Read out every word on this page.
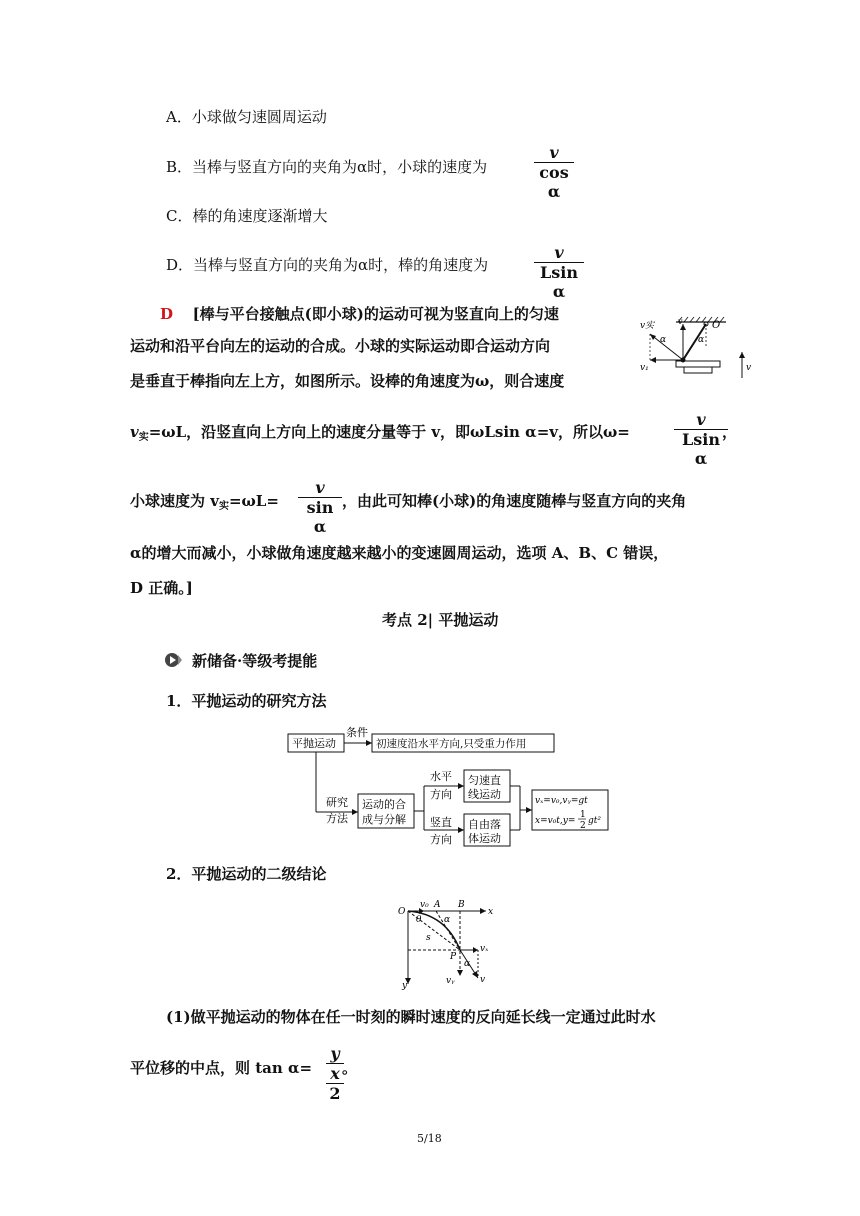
A．小球做匀速圆周运动
B．当棒与竖直方向的夹角为α时，小球的速度为	$\frac{v}{\text{cos α}}$
C．棒的角速度逐渐增大
D．当棒与竖直方向的夹角为α时，棒的角速度为	$\frac{v}{\text{Lsin α}}$
D [棒与平台接触点(即小球)的运动可视为竖直向上的匀速
运动和沿平台向左的运动的合成。小球的实际运动即合运动方向
是垂直于棒指向左上方，如图所示。设棒的角速度为ω，则合速度
v实	v
α	α
O
v₁	v
$v_实=\omega L$，沿竖直向上方向上的速度分量等于 v，即ωLsin α=v，所以ω=	$\frac{v}{\text{Lsin α}}$
，
小球速度为 $v_实=\omega L= \frac{v}{\text{sin α}}$ ，由此可知棒(小球)的角速度随棒与竖直方向的夹角
α的增大而减小，小球做角速度越来越小的变速圆周运动，选项 A、B、C 错误，
D 正确。]
考点 2| 平抛运动
新储备·等级考提能
1．平抛运动的研究方法
平抛运动
条件
初速度沿水平方向,只受重力作用
研究
方法
运动的合
成与分解
水平
方向
竖直
方向
匀速直
线运动
自由落
体运动
vₓ=v₀,vᵧ=gt
x=v₀t,y=
1
2 gt²
2．平抛运动的二级结论
O
v₀ A B
x
y
θ	α
α
s
P
vₓ
vᵧ	v
(1)做平抛运动的物体在任一时刻的瞬时速度的反向延长线一定通过此时水
平位移的中点，则 tan α=
y
x
2
。
5/18
